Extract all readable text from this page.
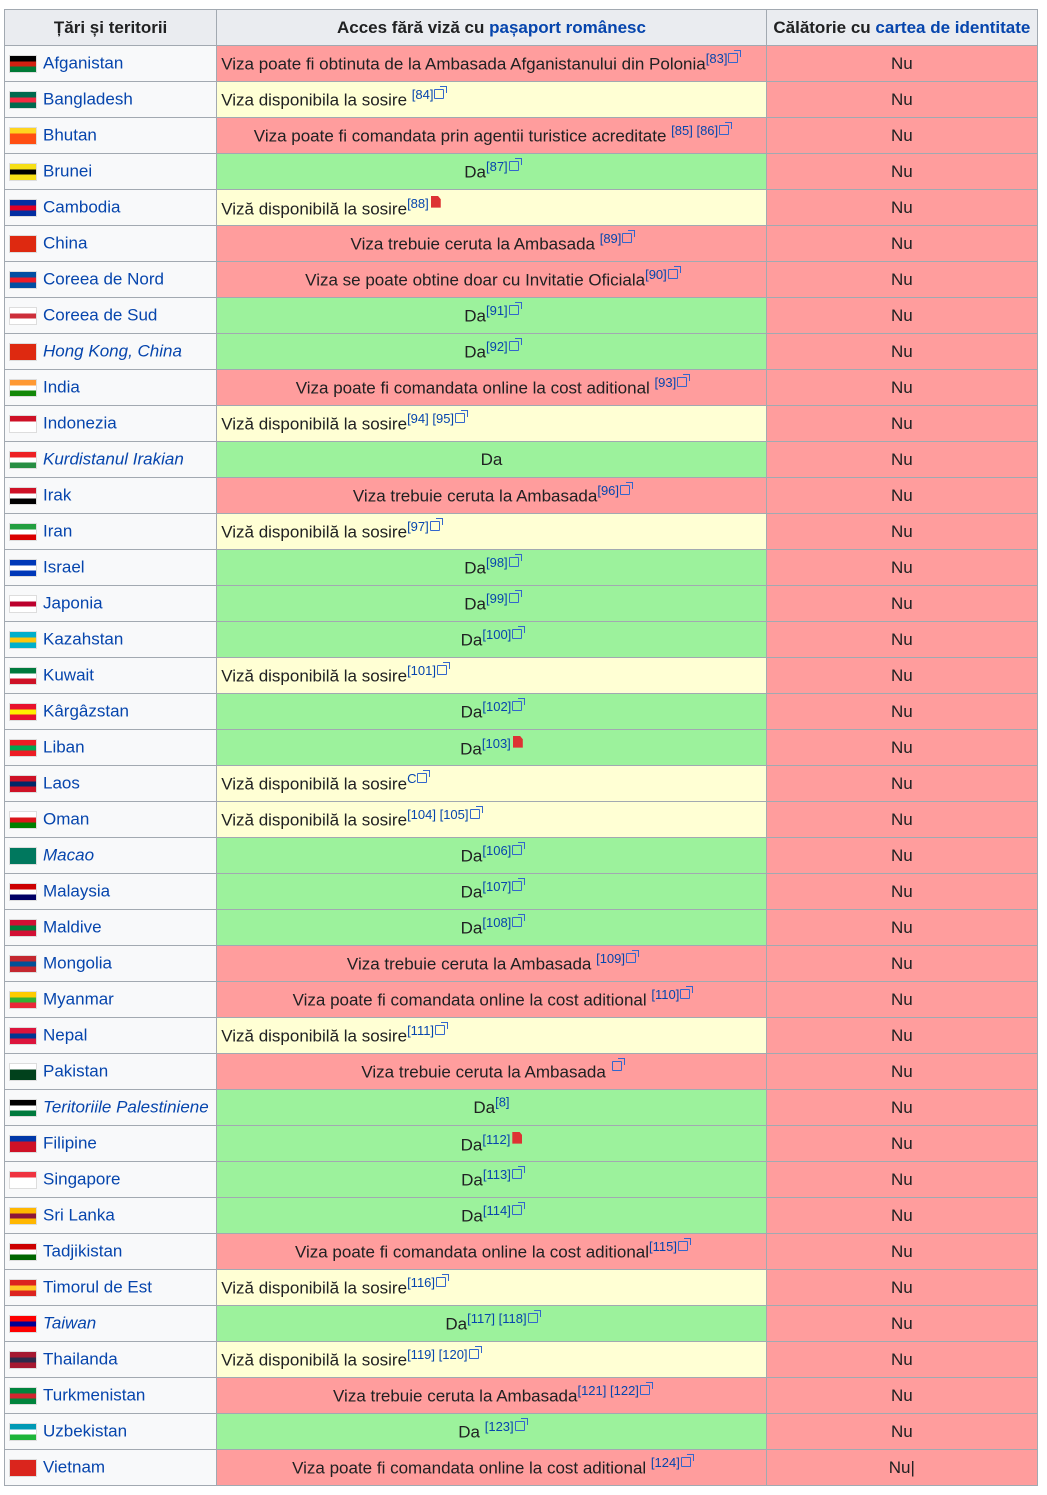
Țări și teritorii	Acces fără viză cu pașaport românesc	Călătorie cu cartea de identitate
Afganistan	Viza poate fi obtinuta de la Ambasada Afganistanului din Polonia[83]	Nu
Bangladesh	Viza disponibila la sosire [84]	Nu
Bhutan	Viza poate fi comandata prin agentii turistice acreditate [85] [86]	Nu
Brunei	Da[87]	Nu
Cambodia	Viză disponibilă la sosire[88]	Nu
China	Viza trebuie ceruta la Ambasada [89]	Nu
Coreea de Nord	Viza se poate obtine doar cu Invitatie Oficiala[90]	Nu
Coreea de Sud	Da[91]	Nu
Hong Kong, China	Da[92]	Nu
India	Viza poate fi comandata online la cost aditional [93]	Nu
Indonezia	Viză disponibilă la sosire[94] [95]	Nu
Kurdistanul Irakian	Da	Nu
Irak	Viza trebuie ceruta la Ambasada[96]	Nu
Iran	Viză disponibilă la sosire[97]	Nu
Israel	Da[98]	Nu
Japonia	Da[99]	Nu
Kazahstan	Da[100]	Nu
Kuwait	Viză disponibilă la sosire[101]	Nu
Kârgâzstan	Da[102]	Nu
Liban	Da[103]	Nu
Laos	Viză disponibilă la sosire$^C$	Nu
Oman	Viză disponibilă la sosire[104] [105]	Nu
Macao	Da[106]	Nu
Malaysia	Da[107]	Nu
Maldive	Da[108]	Nu
Mongolia	Viza trebuie ceruta la Ambasada [109]	Nu
Myanmar	Viza poate fi comandata online la cost aditional [110]	Nu
Nepal	Viză disponibilă la sosire[111]	Nu
Pakistan	Viza trebuie ceruta la Ambasada	Nu
Teritoriile Palestiniene	Da[8]	Nu
Filipine	Da[112]	Nu
Singapore	Da[113]	Nu
Sri Lanka	Da[114]	Nu
Tadjikistan	Viza poate fi comandata online la cost aditional[115]	Nu
Timorul de Est	Viză disponibilă la sosire[116]	Nu
Taiwan	Da[117] [118]	Nu
Thailanda	Viză disponibilă la sosire[119] [120]	Nu
Turkmenistan	Viza trebuie ceruta la Ambasada[121] [122]	Nu
Uzbekistan	Da [123]	Nu
Vietnam	Viza poate fi comandata online la cost aditional [124]	Nu|
